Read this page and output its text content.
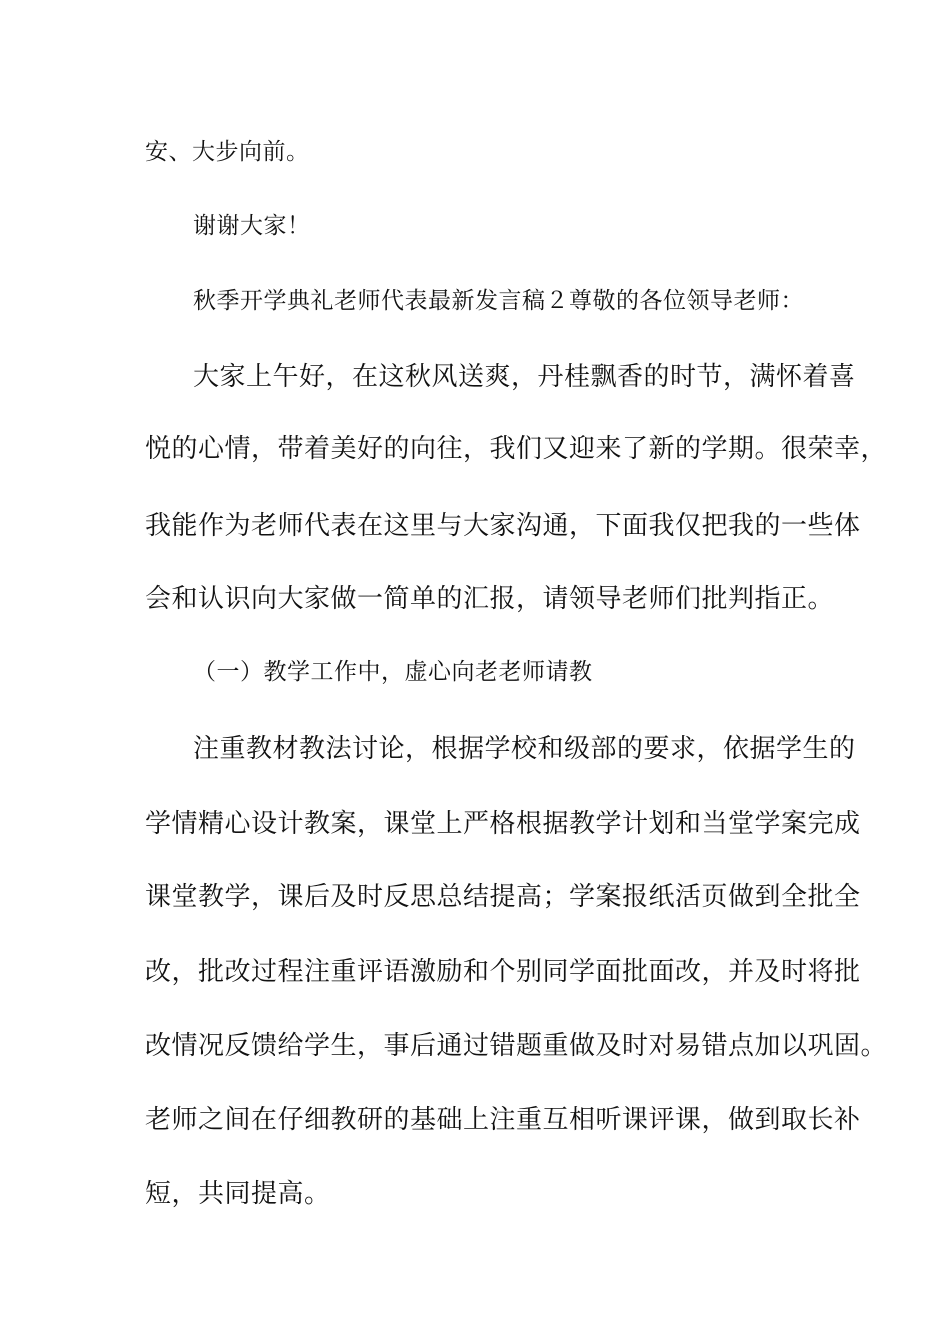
安、大步向前。
谢谢大家！
秋季开学典礼老师代表最新发言稿２尊敬的各位领导老师：
大家上午好，在这秋风送爽，丹桂飘香的时节，满怀着喜
悦的心情，带着美好的向往，我们又迎来了新的学期。很荣幸，
我能作为老师代表在这里与大家沟通，下面我仅把我的一些体
会和认识向大家做一简单的汇报，请领导老师们批判指正。
（一）教学工作中，虚心向老老师请教
注重教材教法讨论，根据学校和级部的要求，依据学生的
学情精心设计教案，课堂上严格根据教学计划和当堂学案完成
课堂教学，课后及时反思总结提高；学案报纸活页做到全批全
改，批改过程注重评语激励和个别同学面批面改，并及时将批
改情况反馈给学生，事后通过错题重做及时对易错点加以巩固。
老师之间在仔细教研的基础上注重互相听课评课，做到取长补
短，共同提高。
